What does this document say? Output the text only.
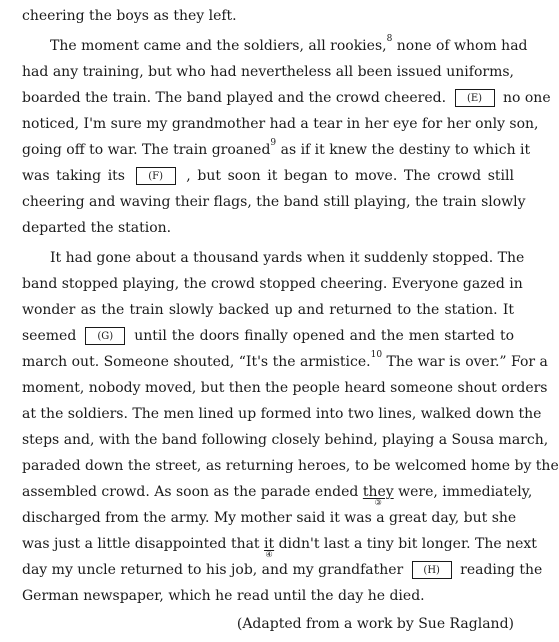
cheering the boys as they left.
The moment came and the soldiers, all rookies,$^8$ none of whom had
had any training, but who had nevertheless all been issued uniforms,
boarded the train. The band played and the crowd cheered. (E) no one
noticed, I'm sure my grandmother had a tear in her eye for her only son,
going off to war. The train groaned$^9$ as if it knew the destiny to which it
was taking its (F) , but soon it began to move. The crowd still
cheering and waving their flags, the band still playing, the train slowly
departed the station.
It had gone about a thousand yards when it suddenly stopped. The
band stopped playing, the crowd stopped cheering. Everyone gazed in
wonder as the train slowly backed up and returned to the station. It
seemed (G) until the doors finally opened and the men started to
march out. Someone shouted, “It's the armistice.$^{10}$ The war is over.” For a
moment, nobody moved, but then the people heard someone shout orders
at the soldiers. The men lined up formed into two lines, walked down the
steps and, with the band following closely behind, playing a Sousa march,
paraded down the street, as returning heroes, to be welcomed home by the
assembled crowd. As soon as the parade ended they
③
were, immediately,
discharged from the army. My mother said it was a great day, but she
was just a little disappointed that it
④
didn't last a tiny bit longer. The next
day my uncle returned to his job, and my grandfather (H) reading the
German newspaper, which he read until the day he died.
(Adapted from a work by Sue Ragland)
